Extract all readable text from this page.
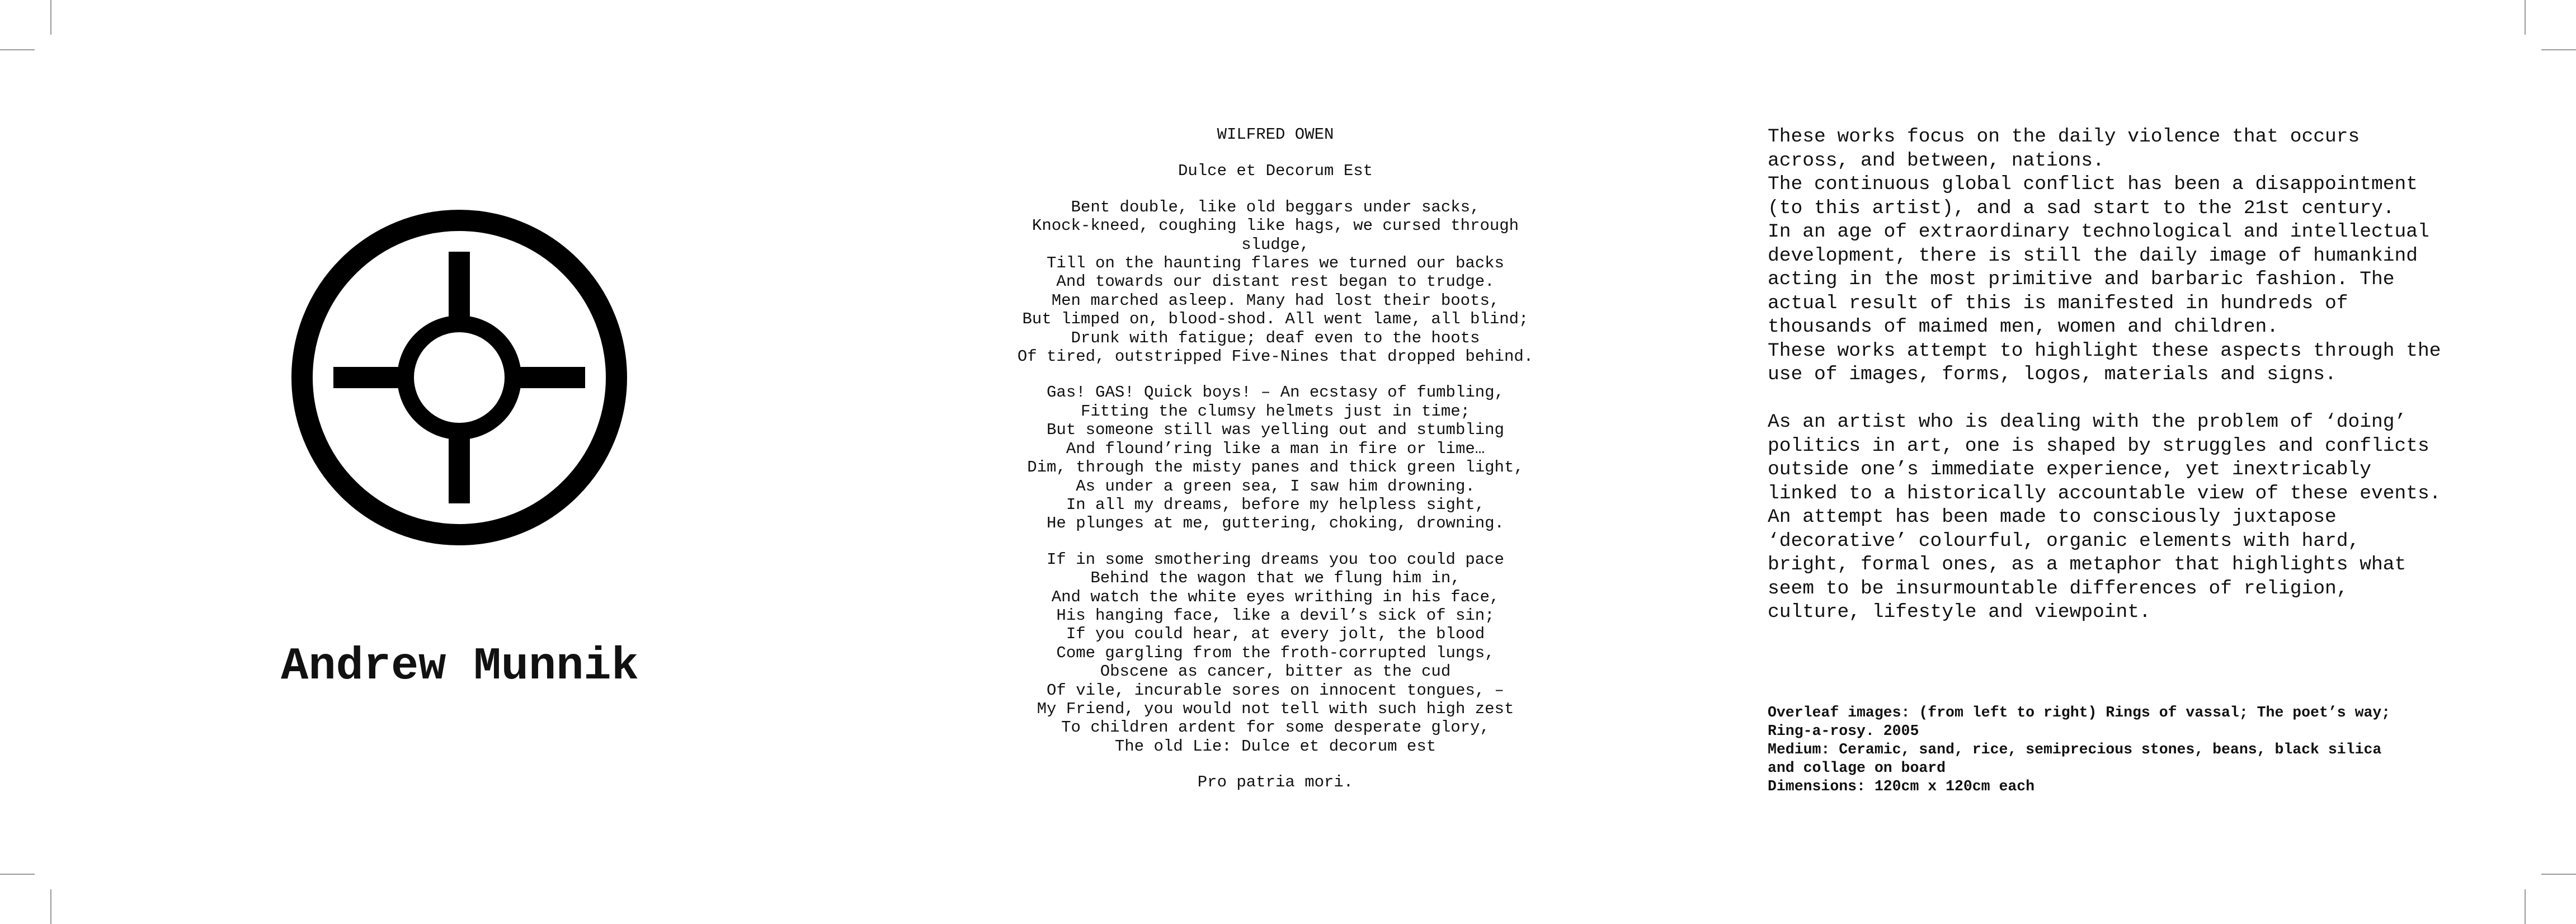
Andrew Munnik
WILFRED OWEN
Dulce et Decorum Est
Bent double, like old beggars under sacks,
Knock-kneed, coughing like hags, we cursed through
sludge,
Till on the haunting flares we turned our backs
And towards our distant rest began to trudge.
Men marched asleep. Many had lost their boots,
But limped on, blood-shod. All went lame, all blind;
Drunk with fatigue; deaf even to the hoots
Of tired, outstripped Five-Nines that dropped behind.
Gas! GAS! Quick boys! – An ecstasy of fumbling,
Fitting the clumsy helmets just in time;
But someone still was yelling out and stumbling
And flound’ring like a man in fire or lime…
Dim, through the misty panes and thick green light,
As under a green sea, I saw him drowning.
In all my dreams, before my helpless sight,
He plunges at me, guttering, choking, drowning.
If in some smothering dreams you too could pace
Behind the wagon that we flung him in,
And watch the white eyes writhing in his face,
His hanging face, like a devil’s sick of sin;
If you could hear, at every jolt, the blood
Come gargling from the froth-corrupted lungs,
Obscene as cancer, bitter as the cud
Of vile, incurable sores on innocent tongues, –
My Friend, you would not tell with such high zest
To children ardent for some desperate glory,
The old Lie: Dulce et decorum est
Pro patria mori.
These works focus on the daily violence that occurs
across, and between, nations.
The continuous global conflict has been a disappointment
(to this artist), and a sad start to the 21st century.
In an age of extraordinary technological and intellectual
development, there is still the daily image of humankind
acting in the most primitive and barbaric fashion. The
actual result of this is manifested in hundreds of
thousands of maimed men, women and children.
These works attempt to highlight these aspects through the
use of images, forms, logos, materials and signs.
As an artist who is dealing with the problem of ‘doing’
politics in art, one is shaped by struggles and conflicts
outside one’s immediate experience, yet inextricably
linked to a historically accountable view of these events.
An attempt has been made to consciously juxtapose
‘decorative’ colourful, organic elements with hard,
bright, formal ones, as a metaphor that highlights what
seem to be insurmountable differences of religion,
culture, lifestyle and viewpoint.
Overleaf images: (from left to right) Rings of vassal; The poet’s way;
Ring-a-rosy. 2005
Medium: Ceramic, sand, rice, semiprecious stones, beans, black silica
and collage on board
Dimensions: 120cm x 120cm each
